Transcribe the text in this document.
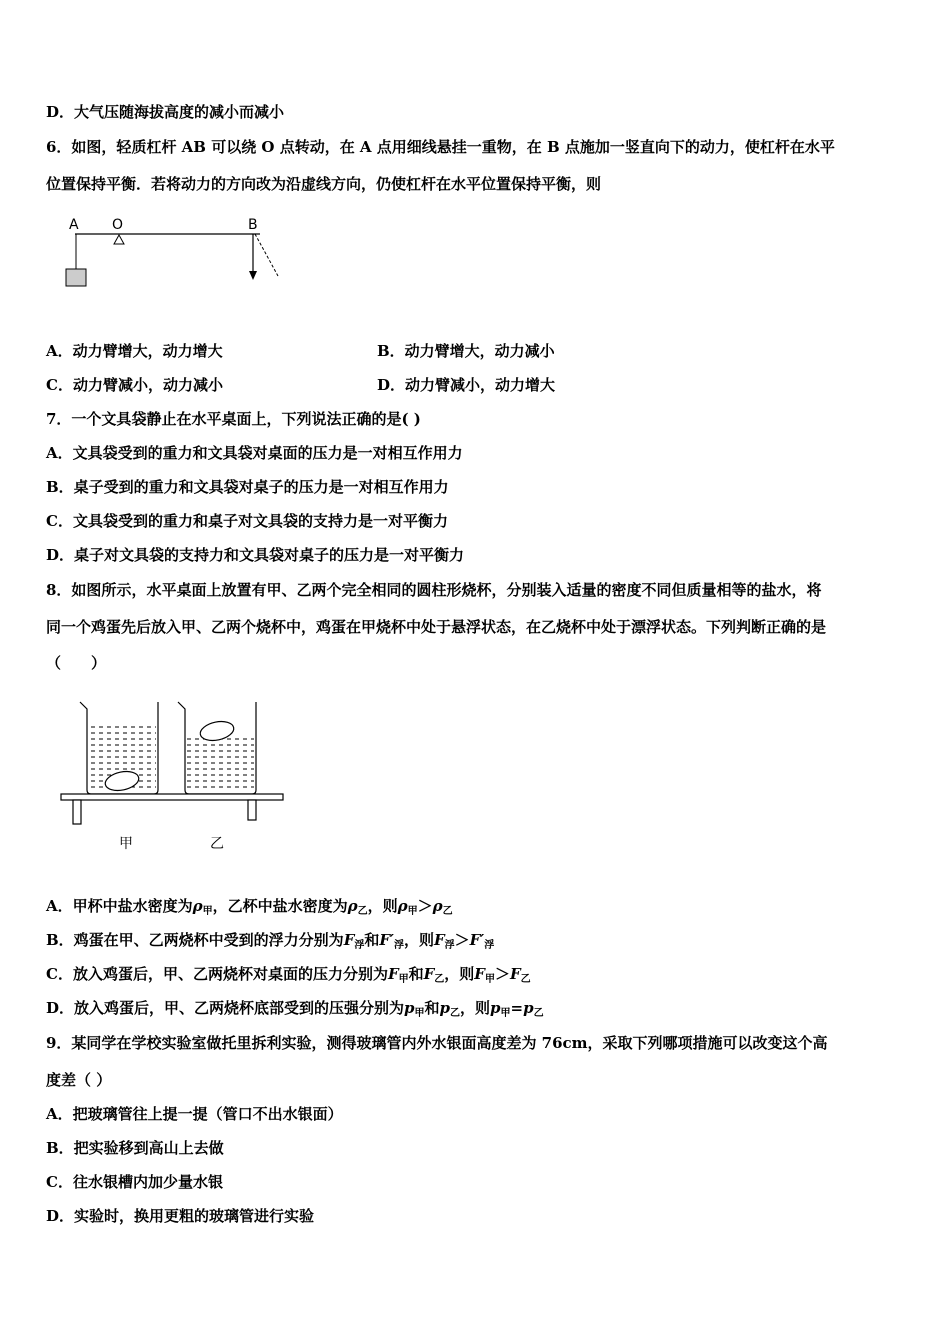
D．大气压随海拔高度的减小而减小
6．如图，轻质杠杆 AB 可以绕 O 点转动，在 A 点用细线悬挂一重物，在 B 点施加一竖直向下的动力，使杠杆在水平
位置保持平衡．若将动力的方向改为沿虚线方向，仍使杠杆在水平位置保持平衡，则
A O	B
A．动力臂增大，动力增大	B．动力臂增大，动力减小
C．动力臂减小，动力减小	D．动力臂减小，动力增大
7．一个文具袋静止在水平桌面上，下列说法正确的是( )
A．文具袋受到的重力和文具袋对桌面的压力是一对相互作用力
B．桌子受到的重力和文具袋对桌子的压力是一对相互作用力
C．文具袋受到的重力和桌子对文具袋的支持力是一对平衡力
D．桌子对文具袋的支持力和文具袋对桌子的压力是一对平衡力
8．如图所示，水平桌面上放置有甲、乙两个完全相同的圆柱形烧杯，分别装入适量的密度不同但质量相等的盐水，将
同一个鸡蛋先后放入甲、乙两个烧杯中，鸡蛋在甲烧杯中处于悬浮状态，在乙烧杯中处于漂浮状态。下列判断正确的是
（　　）
甲	乙
A．甲杯中盐水密度为$\rho_甲$，乙杯中盐水密度为$\rho_乙$，则$\rho_甲>\rho_乙$
B．鸡蛋在甲、乙两烧杯中受到的浮力分别为$F_浮$和$F'_浮$，则$F_浮>F'_浮$
C．放入鸡蛋后，甲、乙两烧杯对桌面的压力分别为$F_甲$和$F_乙$，则$F_甲>F_乙$
D．放入鸡蛋后，甲、乙两烧杯底部受到的压强分别为$p_甲$和$p_乙$，则$p_甲=p_乙$
9．某同学在学校实验室做托里拆利实验，测得玻璃管内外水银面高度差为 76cm，采取下列哪项措施可以改变这个高
度差（ ）
A．把玻璃管往上提一提（管口不出水银面）
B．把实验移到高山上去做
C．往水银槽内加少量水银
D．实验时，换用更粗的玻璃管进行实验
